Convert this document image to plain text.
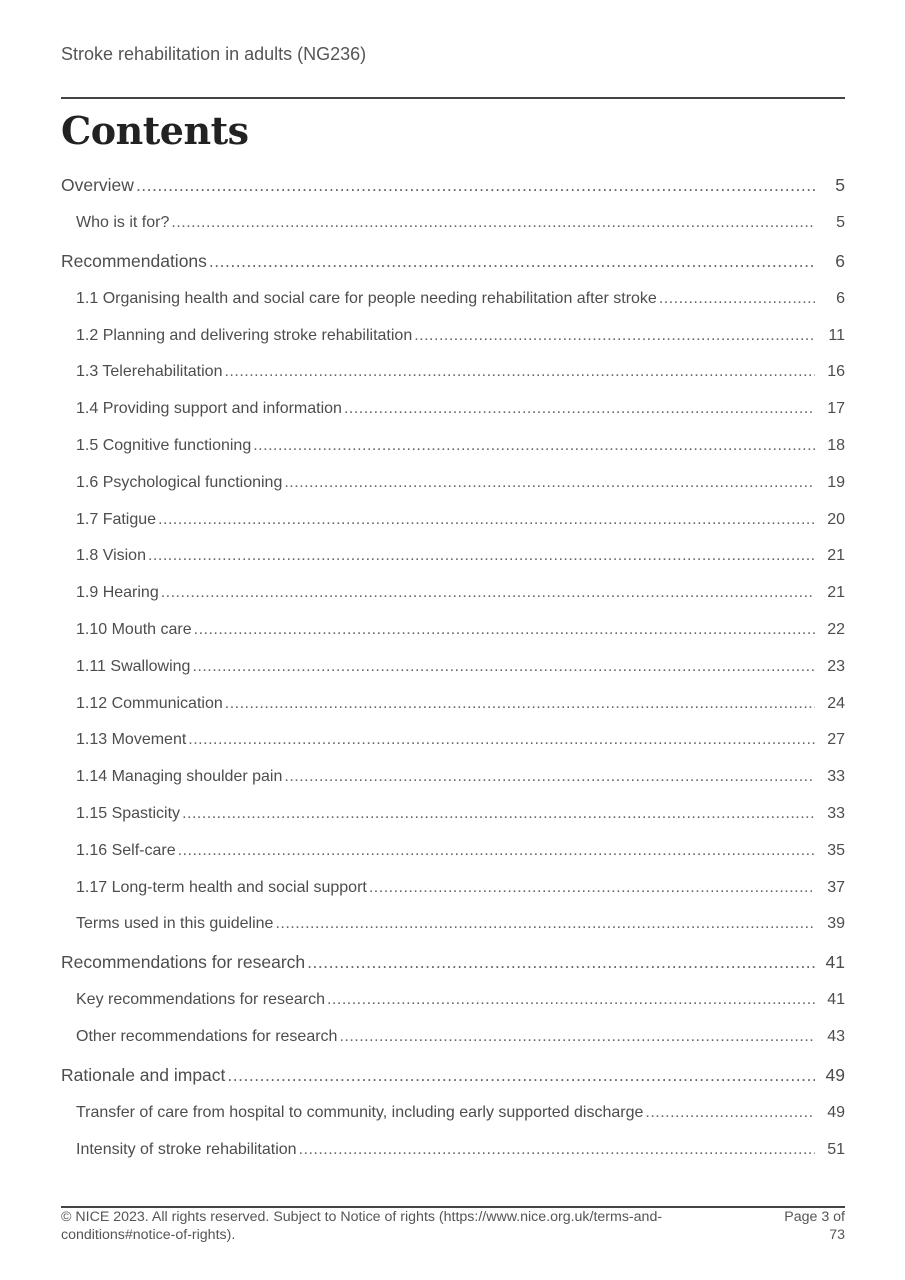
Stroke rehabilitation in adults (NG236)
Contents
Overview .....	5
Who is it for? .....	5
Recommendations .....	6
1.1 Organising health and social care for people needing rehabilitation after stroke .....	6
1.2 Planning and delivering stroke rehabilitation .....	11
1.3 Telerehabilitation .....	16
1.4 Providing support and information .....	17
1.5 Cognitive functioning .....	18
1.6 Psychological functioning .....	19
1.7 Fatigue .....	20
1.8 Vision .....	21
1.9 Hearing .....	21
1.10 Mouth care .....	22
1.11 Swallowing .....	23
1.12 Communication .....	24
1.13 Movement .....	27
1.14 Managing shoulder pain .....	33
1.15 Spasticity .....	33
1.16 Self-care .....	35
1.17 Long-term health and social support .....	37
Terms used in this guideline .....	39
Recommendations for research .....	41
Key recommendations for research .....	41
Other recommendations for research .....	43
Rationale and impact .....	49
Transfer of care from hospital to community, including early supported discharge .....	49
Intensity of stroke rehabilitation .....	51
© NICE 2023. All rights reserved. Subject to Notice of rights (https://www.nice.org.uk/terms-and-
conditions#notice-of-rights).
Page 3 of
73
